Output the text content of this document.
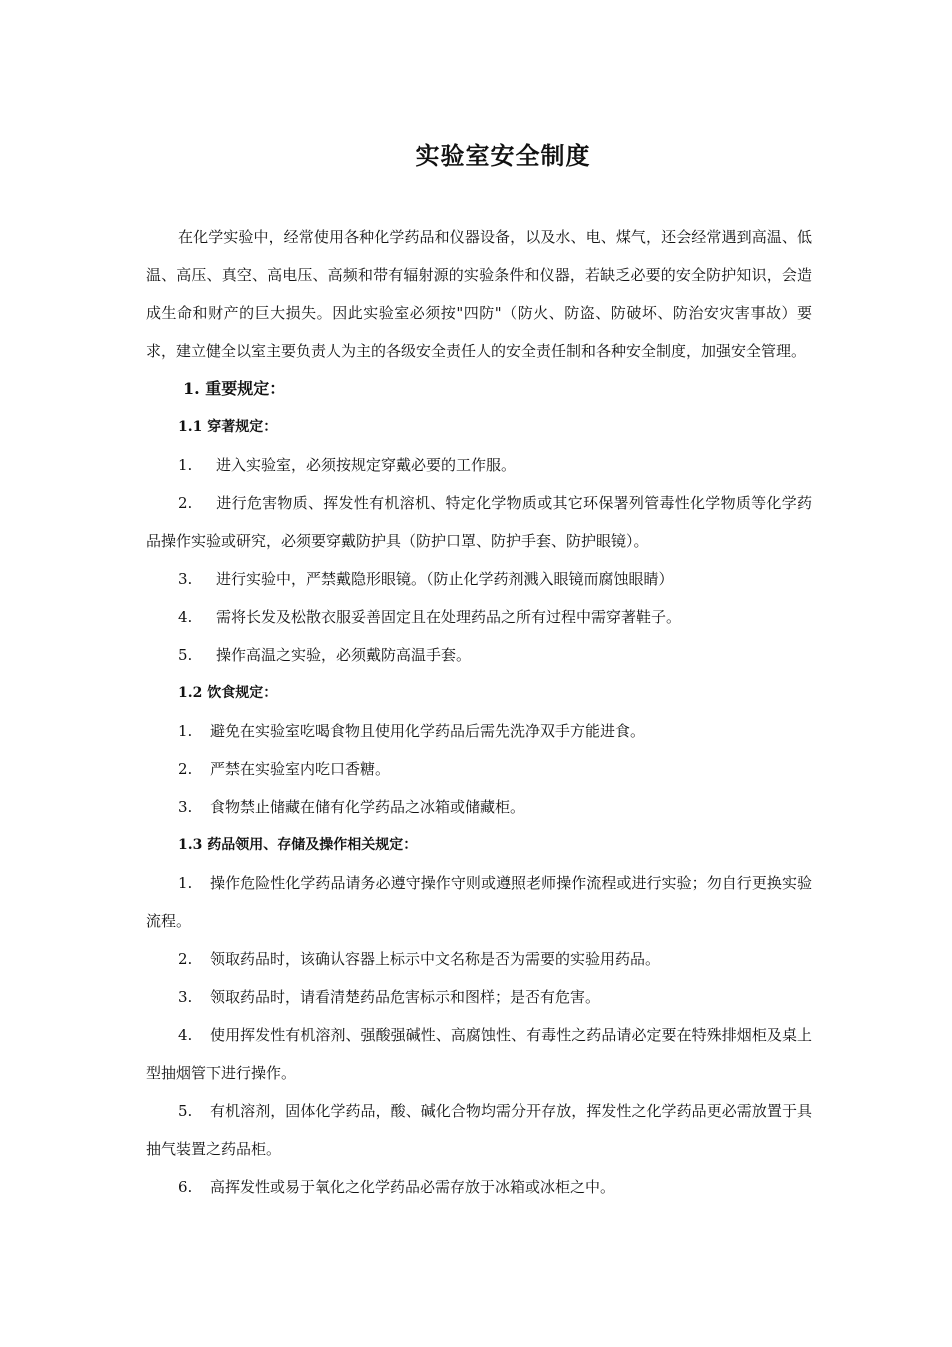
实验室安全制度

在化学实验中，经常使用各种化学药品和仪器设备，以及水、电、煤气，还会经常遇到高温、低温、高压、真空、高电压、高频和带有辐射源的实验条件和仪器，若缺乏必要的安全防护知识，会造成生命和财产的巨大损失。因此实验室必须按"四防"（防火、防盗、防破坏、防治安灾害事故）要求，建立健全以室主要负责人为主的各级安全责任人的安全责任制和各种安全制度，加强安全管理。

1. 重要规定：

1.1 穿著规定：

1. 进入实验室，必须按规定穿戴必要的工作服。

2. 进行危害物质、挥发性有机溶机、特定化学物质或其它环保署列管毒性化学物质等化学药品操作实验或研究，必须要穿戴防护具（防护口罩、防护手套、防护眼镜）。

3. 进行实验中，严禁戴隐形眼镜。（防止化学药剂溅入眼镜而腐蚀眼睛）

4. 需将长发及松散衣服妥善固定且在处理药品之所有过程中需穿著鞋子。

5. 操作高温之实验，必须戴防高温手套。

1.2 饮食规定：

1. 避免在实验室吃喝食物且使用化学药品后需先洗净双手方能进食。

2. 严禁在实验室内吃口香糖。

3. 食物禁止储藏在储有化学药品之冰箱或储藏柜。

1.3 药品领用、存储及操作相关规定：

1. 操作危险性化学药品请务必遵守操作守则或遵照老师操作流程或进行实验；勿自行更换实验流程。

2. 领取药品时，该确认容器上标示中文名称是否为需要的实验用药品。

3. 领取药品时，请看清楚药品危害标示和图样；是否有危害。

4. 使用挥发性有机溶剂、强酸强碱性、高腐蚀性、有毒性之药品请必定要在特殊排烟柜及桌上型抽烟管下进行操作。

5. 有机溶剂，固体化学药品，酸、碱化合物均需分开存放，挥发性之化学药品更必需放置于具抽气装置之药品柜。

6. 高挥发性或易于氧化之化学药品必需存放于冰箱或冰柜之中。
